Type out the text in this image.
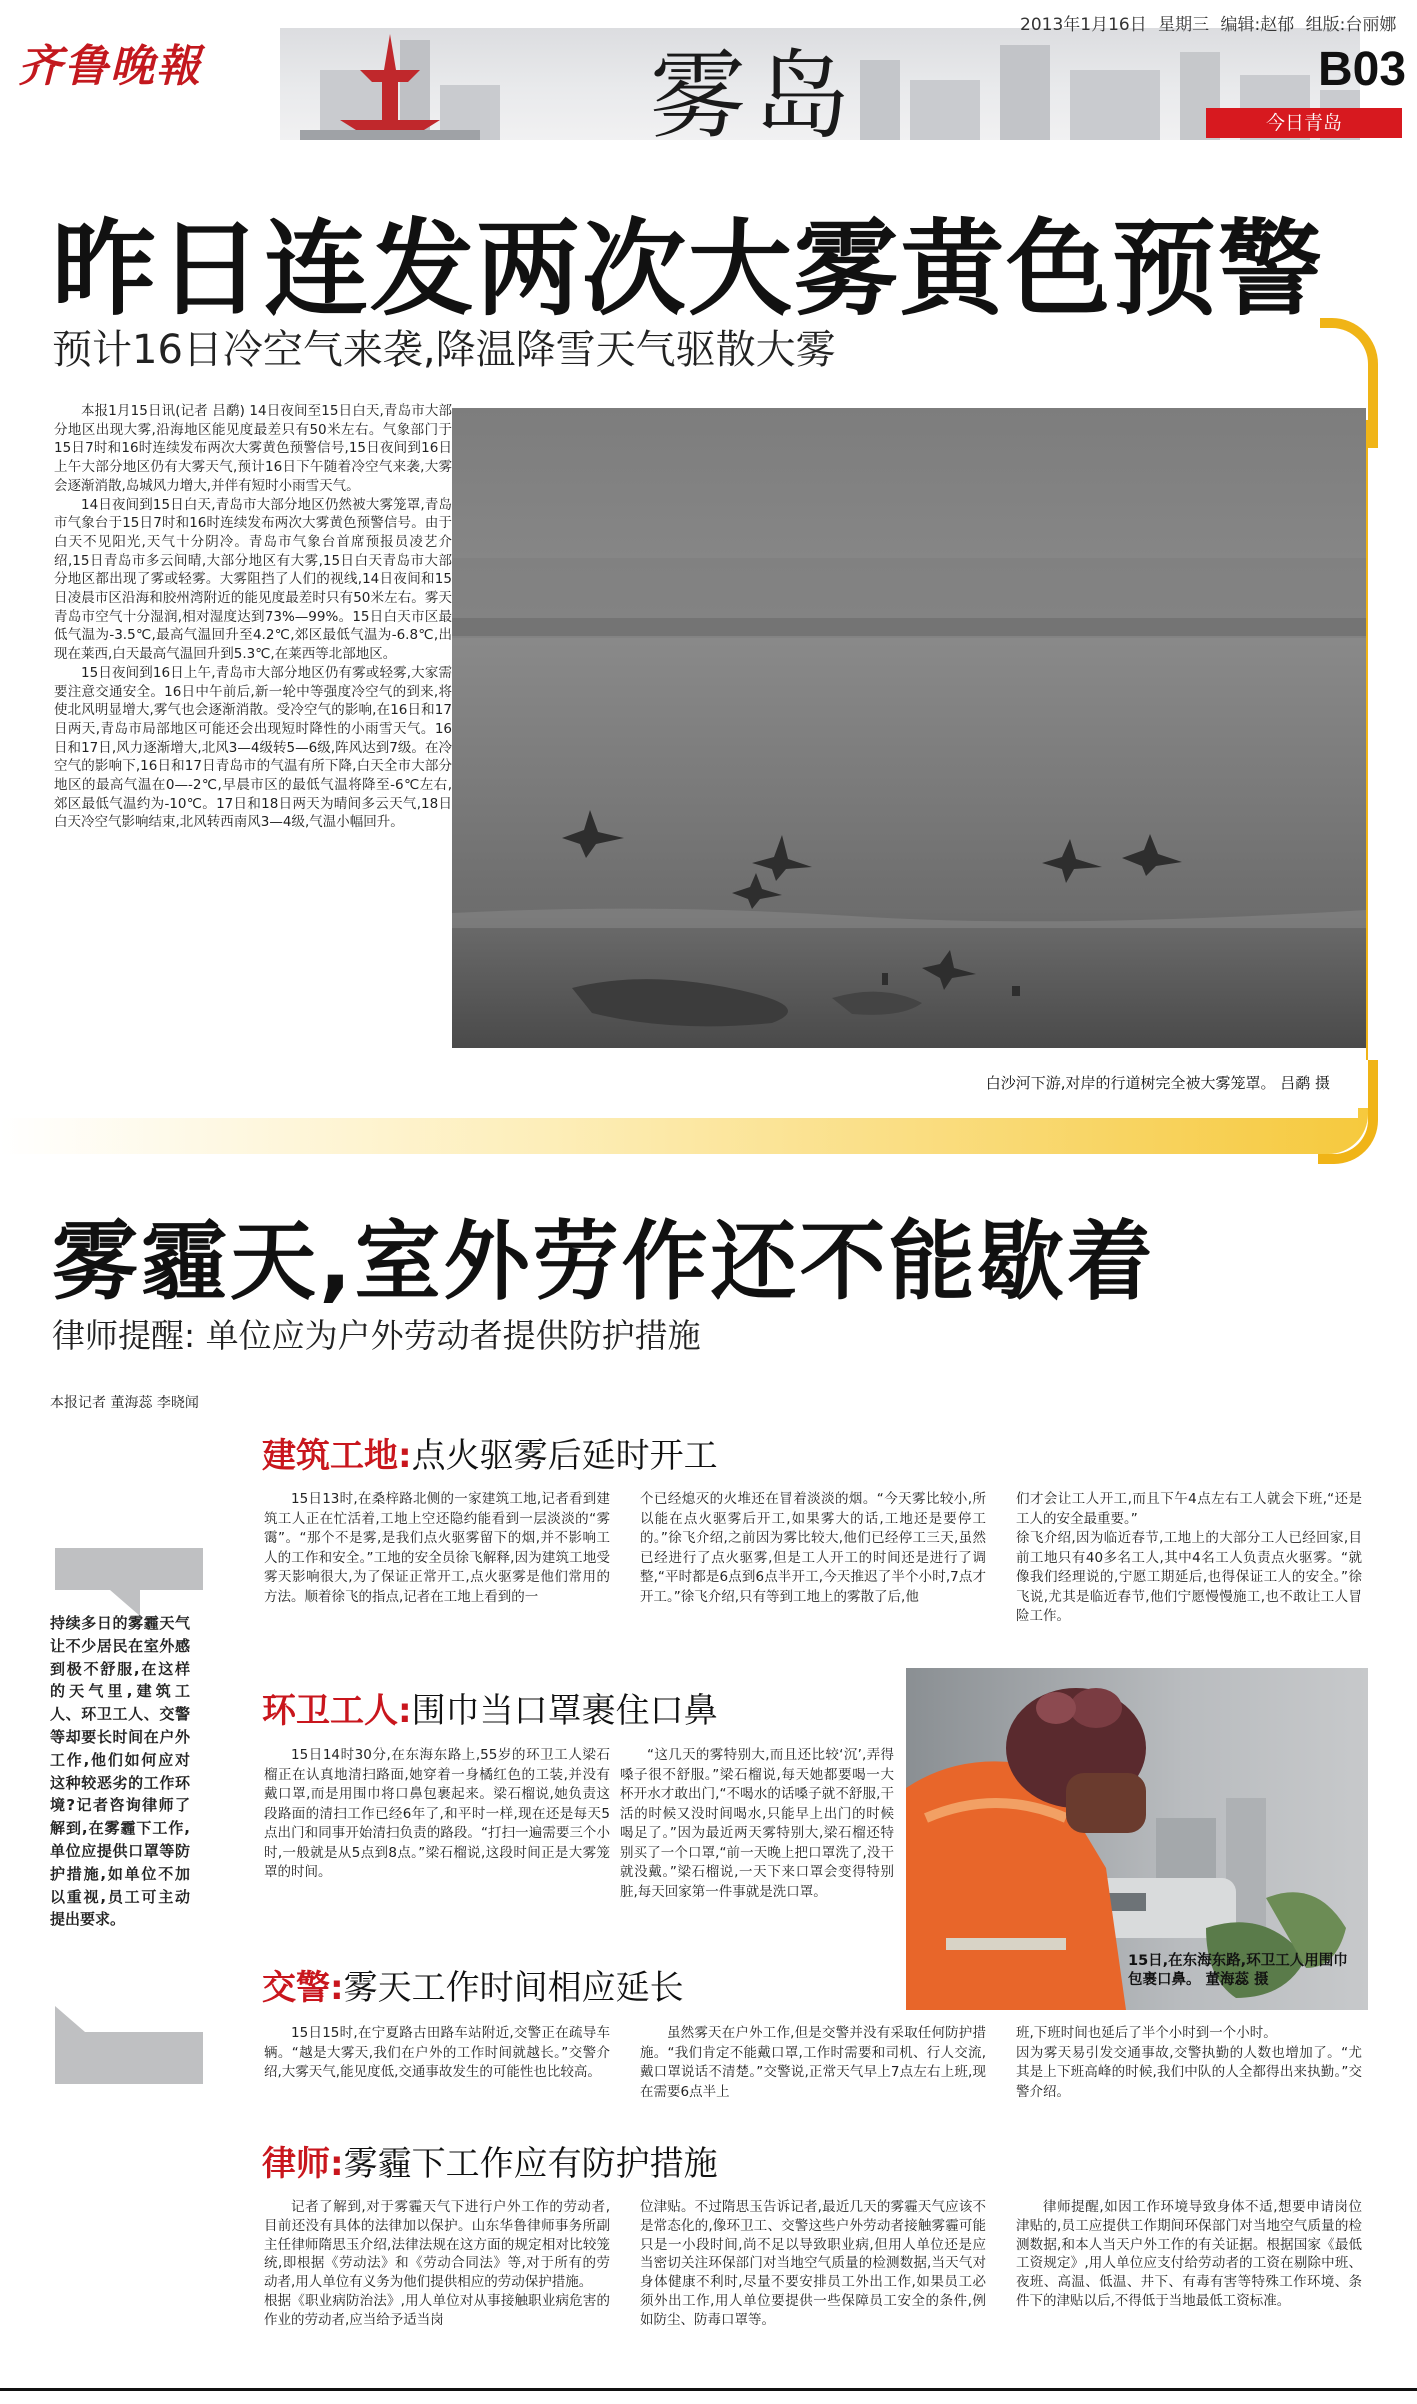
齐鲁晚報	雾岛
2013年1月16日 星期三 编辑:赵郁 组版:台丽娜
B03
今日青岛
昨日连发两次大雾黄色预警
预计16日冷空气来袭,降温降雪天气驱散大雾

本报1月15日讯(记者 吕鹬) 14日夜间至15日白天,青岛市大部分地区出现大雾,沿海地区能见度最差只有50米左右。气象部门于15日7时和16时连续发布两次大雾黄色预警信号,15日夜间到16日上午大部分地区仍有大雾天气,预计16日下午随着冷空气来袭,大雾会逐渐消散,岛城风力增大,并伴有短时小雨雪天气。

14日夜间到15日白天,青岛市大部分地区仍然被大雾笼罩,青岛市气象台于15日7时和16时连续发布两次大雾黄色预警信号。由于白天不见阳光,天气十分阴冷。青岛市气象台首席预报员凌艺介绍,15日青岛市多云间晴,大部分地区有大雾,15日白天青岛市大部分地区都出现了雾或轻雾。大雾阻挡了人们的视线,14日夜间和15日凌晨市区沿海和胶州湾附近的能见度最差时只有50米左右。雾天青岛市空气十分湿润,相对湿度达到73%—99%。15日白天市区最低气温为-3.5℃,最高气温回升至4.2℃,郊区最低气温为-6.8℃,出现在莱西,白天最高气温回升到5.3℃,在莱西等北部地区。

15日夜间到16日上午,青岛市大部分地区仍有雾或轻雾,大家需要注意交通安全。16日中午前后,新一轮中等强度冷空气的到来,将使北风明显增大,雾气也会逐渐消散。受冷空气的影响,在16日和17日两天,青岛市局部地区可能还会出现短时降性的小雨雪天气。16日和17日,风力逐渐增大,北风3—4级转5—6级,阵风达到7级。在冷空气的影响下,16日和17日青岛市的气温有所下降,白天全市大部分地区的最高气温在0—-2℃,早晨市区的最低气温将降至-6℃左右,郊区最低气温约为-10℃。17日和18日两天为晴间多云天气,18日白天冷空气影响结束,北风转西南风3—4级,气温小幅回升。

白沙河下游,对岸的行道树完全被大雾笼罩。 吕鹬 摄
雾霾天,室外劳作还不能歇着
律师提醒: 单位应为户外劳动者提供防护措施
本报记者 董海蕊 李晓闻
持续多日的雾霾天气让不少居民在室外感到极不舒服,在这样的天气里,建筑工人、环卫工人、交警等却要长时间在户外工作,他们如何应对这种较恶劣的工作环境?记者咨询律师了解到,在雾霾下工作,单位应提供口罩等防护措施,如单位不加以重视,员工可主动提出要求。
建筑工地:点火驱雾后延时开工
15日13时,在桑梓路北侧的一家建筑工地,记者看到建筑工人正在忙活着,工地上空还隐约能看到一层淡淡的“雾霭”。“那个不是雾,是我们点火驱雾留下的烟,并不影响工人的工作和安全。”工地的安全员徐飞解释,因为建筑工地受雾天影响很大,为了保证正常开工,点火驱雾是他们常用的方法。顺着徐飞的指点,记者在工地上看到的一
个已经熄灭的火堆还在冒着淡淡的烟。“今天雾比较小,所以能在点火驱雾后开工,如果雾大的话,工地还是要停工的。”徐飞介绍,之前因为雾比较大,他们已经停工三天,虽然已经进行了点火驱雾,但是工人开工的时间还是进行了调整,“平时都是6点到6点半开工,今天推迟了半个小时,7点才开工。”徐飞介绍,只有等到工地上的雾散了后,他
们才会让工人开工,而且下午4点左右工人就会下班,“还是工人的安全最重要。”
徐飞介绍,因为临近春节,工地上的大部分工人已经回家,目前工地只有40多名工人,其中4名工人负责点火驱雾。“就像我们经理说的,宁愿工期延后,也得保证工人的安全。”徐飞说,尤其是临近春节,他们宁愿慢慢施工,也不敢让工人冒险工作。
环卫工人:围巾当口罩裹住口鼻
15日14时30分,在东海东路上,55岁的环卫工人梁石榴正在认真地清扫路面,她穿着一身橘红色的工装,并没有戴口罩,而是用围巾将口鼻包裹起来。梁石榴说,她负责这段路面的清扫工作已经6年了,和平时一样,现在还是每天5点出门和同事开始清扫负责的路段。“打扫一遍需要三个小时,一般就是从5点到8点。”梁石榴说,这段时间正是大雾笼罩的时间。
“这几天的雾特别大,而且还比较‘沉’,弄得嗓子很不舒服。”梁石榴说,每天她都要喝一大杯开水才敢出门,“不喝水的话嗓子就不舒服,干活的时候又没时间喝水,只能早上出门的时候喝足了。”因为最近两天雾特别大,梁石榴还特别买了一个口罩,“前一天晚上把口罩洗了,没干就没戴。”梁石榴说,一天下来口罩会变得特别脏,每天回家第一件事就是洗口罩。
15日,在东海东路,环卫工人用围巾包裹口鼻。 董海蕊 摄
交警:雾天工作时间相应延长
15日15时,在宁夏路古田路车站附近,交警正在疏导车辆。“越是大雾天,我们在户外的工作时间就越长。”交警介绍,大雾天气,能见度低,交通事故发生的可能性也比较高。
虽然雾天在户外工作,但是交警并没有采取任何防护措施。“我们肯定不能戴口罩,工作时需要和司机、行人交流,戴口罩说话不清楚。”交警说,正常天气早上7点左右上班,现在需要6点半上
班,下班时间也延后了半个小时到一个小时。
因为雾天易引发交通事故,交警执勤的人数也增加了。“尤其是上下班高峰的时候,我们中队的人全都得出来执勤。”交警介绍。
律师:雾霾下工作应有防护措施
记者了解到,对于雾霾天气下进行户外工作的劳动者,目前还没有具体的法律加以保护。山东华鲁律师事务所副主任律师隋思玉介绍,法律法规在这方面的规定相对比较笼统,即根据《劳动法》和《劳动合同法》等,对于所有的劳动者,用人单位有义务为他们提供相应的劳动保护措施。
根据《职业病防治法》,用人单位对从事接触职业病危害的作业的劳动者,应当给予适当岗
位津贴。不过隋思玉告诉记者,最近几天的雾霾天气应该不是常态化的,像环卫工、交警这些户外劳动者接触雾霾可能只是一小段时间,尚不足以导致职业病,但用人单位还是应当密切关注环保部门对当地空气质量的检测数据,当天气对身体健康不利时,尽量不要安排员工外出工作,如果员工必须外出工作,用人单位要提供一些保障员工安全的条件,例如防尘、防毒口罩等。
律师提醒,如因工作环境导致身体不适,想要申请岗位津贴的,员工应提供工作期间环保部门对当地空气质量的检测数据,和本人当天户外工作的有关证据。根据国家《最低工资规定》,用人单位应支付给劳动者的工资在剔除中班、夜班、高温、低温、井下、有毒有害等特殊工作环境、条件下的津贴以后,不得低于当地最低工资标准。
